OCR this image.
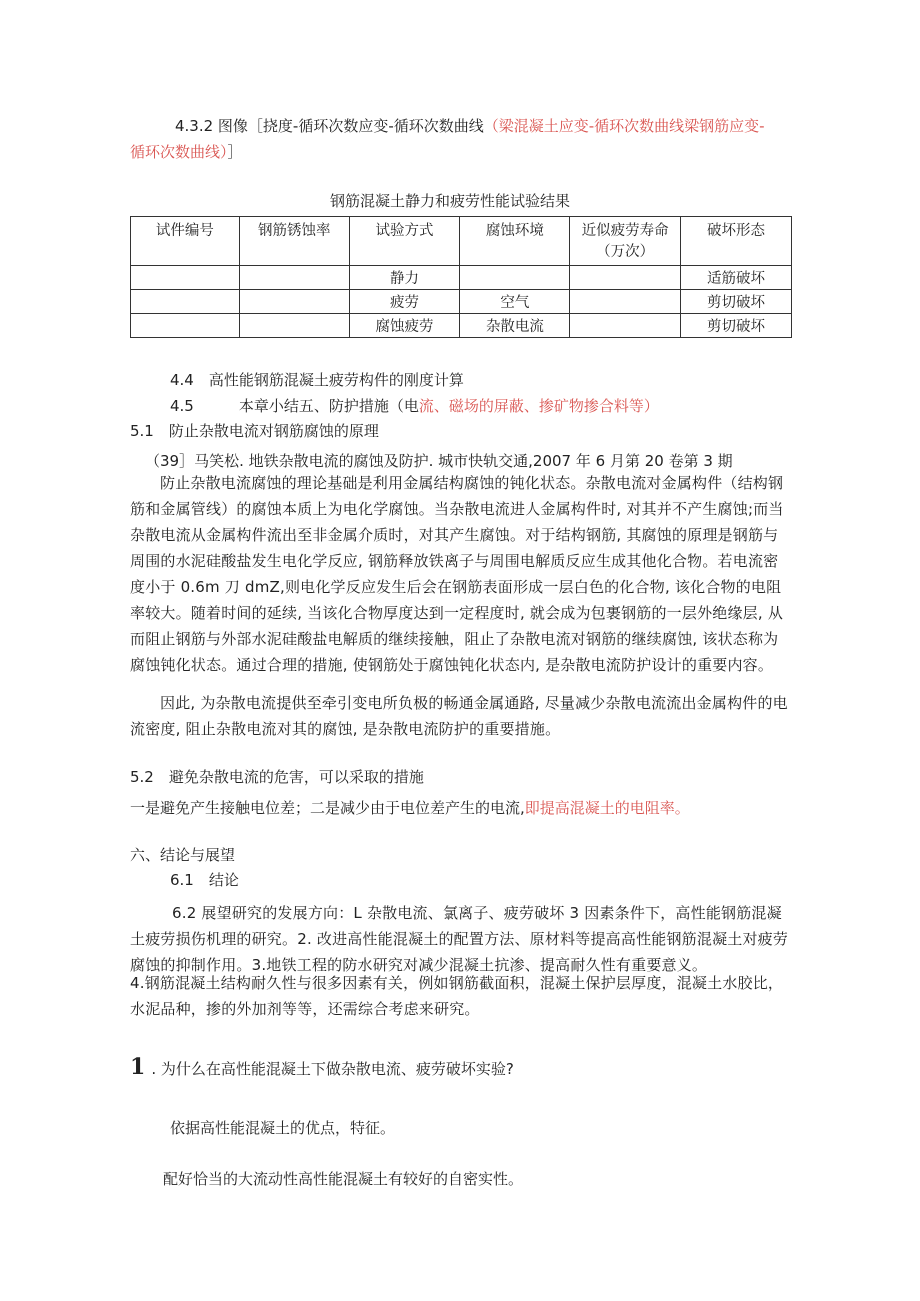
4.3.2 图像［挠度-循环次数应变-循环次数曲线（梁混凝土应变-循环次数曲线梁钢筋应变-
循环次数曲线）］
钢筋混凝土静力和疲劳性能试验结果
试件编号	钢筋锈蚀率	试验方式	腐蚀环境	近似疲劳寿命（万次）	破坏形态
		静力			适筋破坏
		疲劳	空气		剪切破坏
		腐蚀疲劳	杂散电流		剪切破坏
4.4　高性能钢筋混凝土疲劳构件的刚度计算
4.5　　　本章小结五、防护措施（电流、磁场的屏蔽、掺矿物掺合料等）
5.1　防止杂散电流对钢筋腐蚀的原理
（39］马笑松. 地铁杂散电流的腐蚀及防护. 城市快轨交通,2007 年 6 月第 20 卷第 3 期
防止杂散电流腐蚀的理论基础是利用金属结构腐蚀的钝化状态。杂散电流对金属构件（结构钢筋和金属管线）的腐蚀本质上为电化学腐蚀。当杂散电流进人金属构件时, 对其并不产生腐蚀;而当杂散电流从金属构件流出至非金属介质时，对其产生腐蚀。对于结构钢筋, 其腐蚀的原理是钢筋与周围的水泥硅酸盐发生电化学反应, 钢筋释放铁离子与周围电解质反应生成其他化合物。若电流密度小于 0.6m 刀 dmZ,则电化学反应发生后会在钢筋表面形成一层白色的化合物, 该化合物的电阻率较大。随着时间的延续, 当该化合物厚度达到一定程度时, 就会成为包裹钢筋的一层外绝缘层, 从而阻止钢筋与外部水泥硅酸盐电解质的继续接触，阻止了杂散电流对钢筋的继续腐蚀, 该状态称为腐蚀钝化状态。通过合理的措施, 使钢筋处于腐蚀钝化状态内, 是杂散电流防护设计的重要内容。
因此, 为杂散电流提供至牵引变电所负极的畅通金属通路, 尽量减少杂散电流流出金属构件的电流密度, 阻止杂散电流对其的腐蚀, 是杂散电流防护的重要措施。
5.2　避免杂散电流的危害，可以采取的措施
一是避免产生接触电位差；二是减少由于电位差产生的电流,即提高混凝土的电阻率。
六、结论与展望
6.1　结论
6.2 展望研究的发展方向：L 杂散电流、氯离子、疲劳破坏 3 因素条件下，高性能钢筋混凝土疲劳损伤机理的研究。2. 改进高性能混凝土的配置方法、原材料等提高高性能钢筋混凝土对疲劳腐蚀的抑制作用。3.地铁工程的防水研究对减少混凝土抗渗、提高耐久性有重要意义。
4.钢筋混凝土结构耐久性与很多因素有关，例如钢筋截面积，混凝土保护层厚度，混凝土水胶比，水泥品种，掺的外加剂等等，还需综合考虑来研究。
1 . 为什么在高性能混凝土下做杂散电流、疲劳破坏实验?
依据高性能混凝土的优点，特征。
配好恰当的大流动性高性能混凝土有较好的自密实性。
